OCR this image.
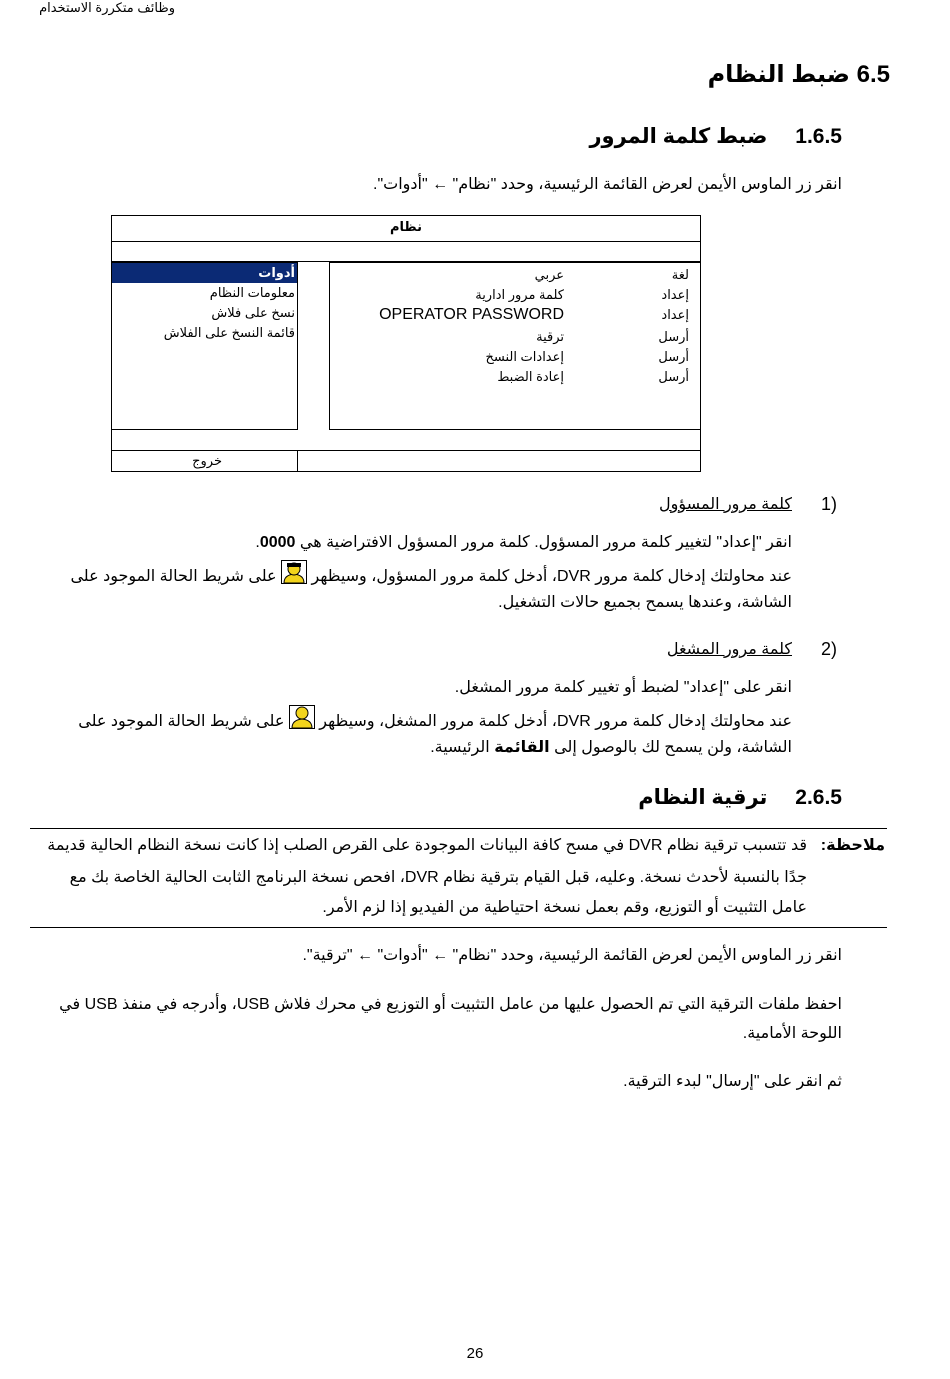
وظائف متكررة الاستخدام
6.5 ضبط النظام
1.6.5 ضبط كلمة المرور
انقر زر الماوس الأيمن لعرض القائمة الرئيسية، وحدد "نظام" ← "أدوات".
نظام
أدوات
معلومات النظام
نسخ على فلاش
قائمة النسخ على الفلاش
لغة
عربي
إعداد
كلمة مرور ادارية
إعداد
OPERATOR PASSWORD
أرسل
ترقية
أرسل
إعدادات النسخ
أرسل
إعادة الضبط
خروج
1)
كلمة مرور المسؤول
انقر "إعداد" لتغيير كلمة مرور المسؤول. كلمة مرور المسؤول الافتراضية هي 0000.
عند محاولتك إدخال كلمة مرور DVR، أدخل كلمة مرور المسؤول، وسيظهر  على شريط الحالة الموجود على
الشاشة، وعندها يسمح بجميع حالات التشغيل.
2)
كلمة مرور المشغل
انقر على "إعداد" لضبط أو تغيير كلمة مرور المشغل.
عند محاولتك إدخال كلمة مرور DVR، أدخل كلمة مرور المشغل، وسيظهر  على شريط الحالة الموجود على
الشاشة، ولن يسمح لك بالوصول إلى القائمة الرئيسية.
2.6.5 ترقية النظام
ملاحظة:
قد تتسبب ترقية نظام DVR في مسح كافة البيانات الموجودة على القرص الصلب إذا كانت نسخة النظام الحالية قديمة
جدًا بالنسبة لأحدث نسخة. وعليه، قبل القيام بترقية نظام DVR، افحص نسخة البرنامج الثابت الحالية الخاصة بك مع
عامل التثبيت أو التوزيع، وقم بعمل نسخة احتياطية من الفيديو إذا لزم الأمر.
انقر زر الماوس الأيمن لعرض القائمة الرئيسية، وحدد "نظام" ← "أدوات" ← "ترقية".
احفظ ملفات الترقية التي تم الحصول عليها من عامل التثبيت أو التوزيع في محرك فلاش USB، وأدرجه في منفذ USB في
اللوحة الأمامية.
ثم انقر على "إرسال" لبدء الترقية.
26
